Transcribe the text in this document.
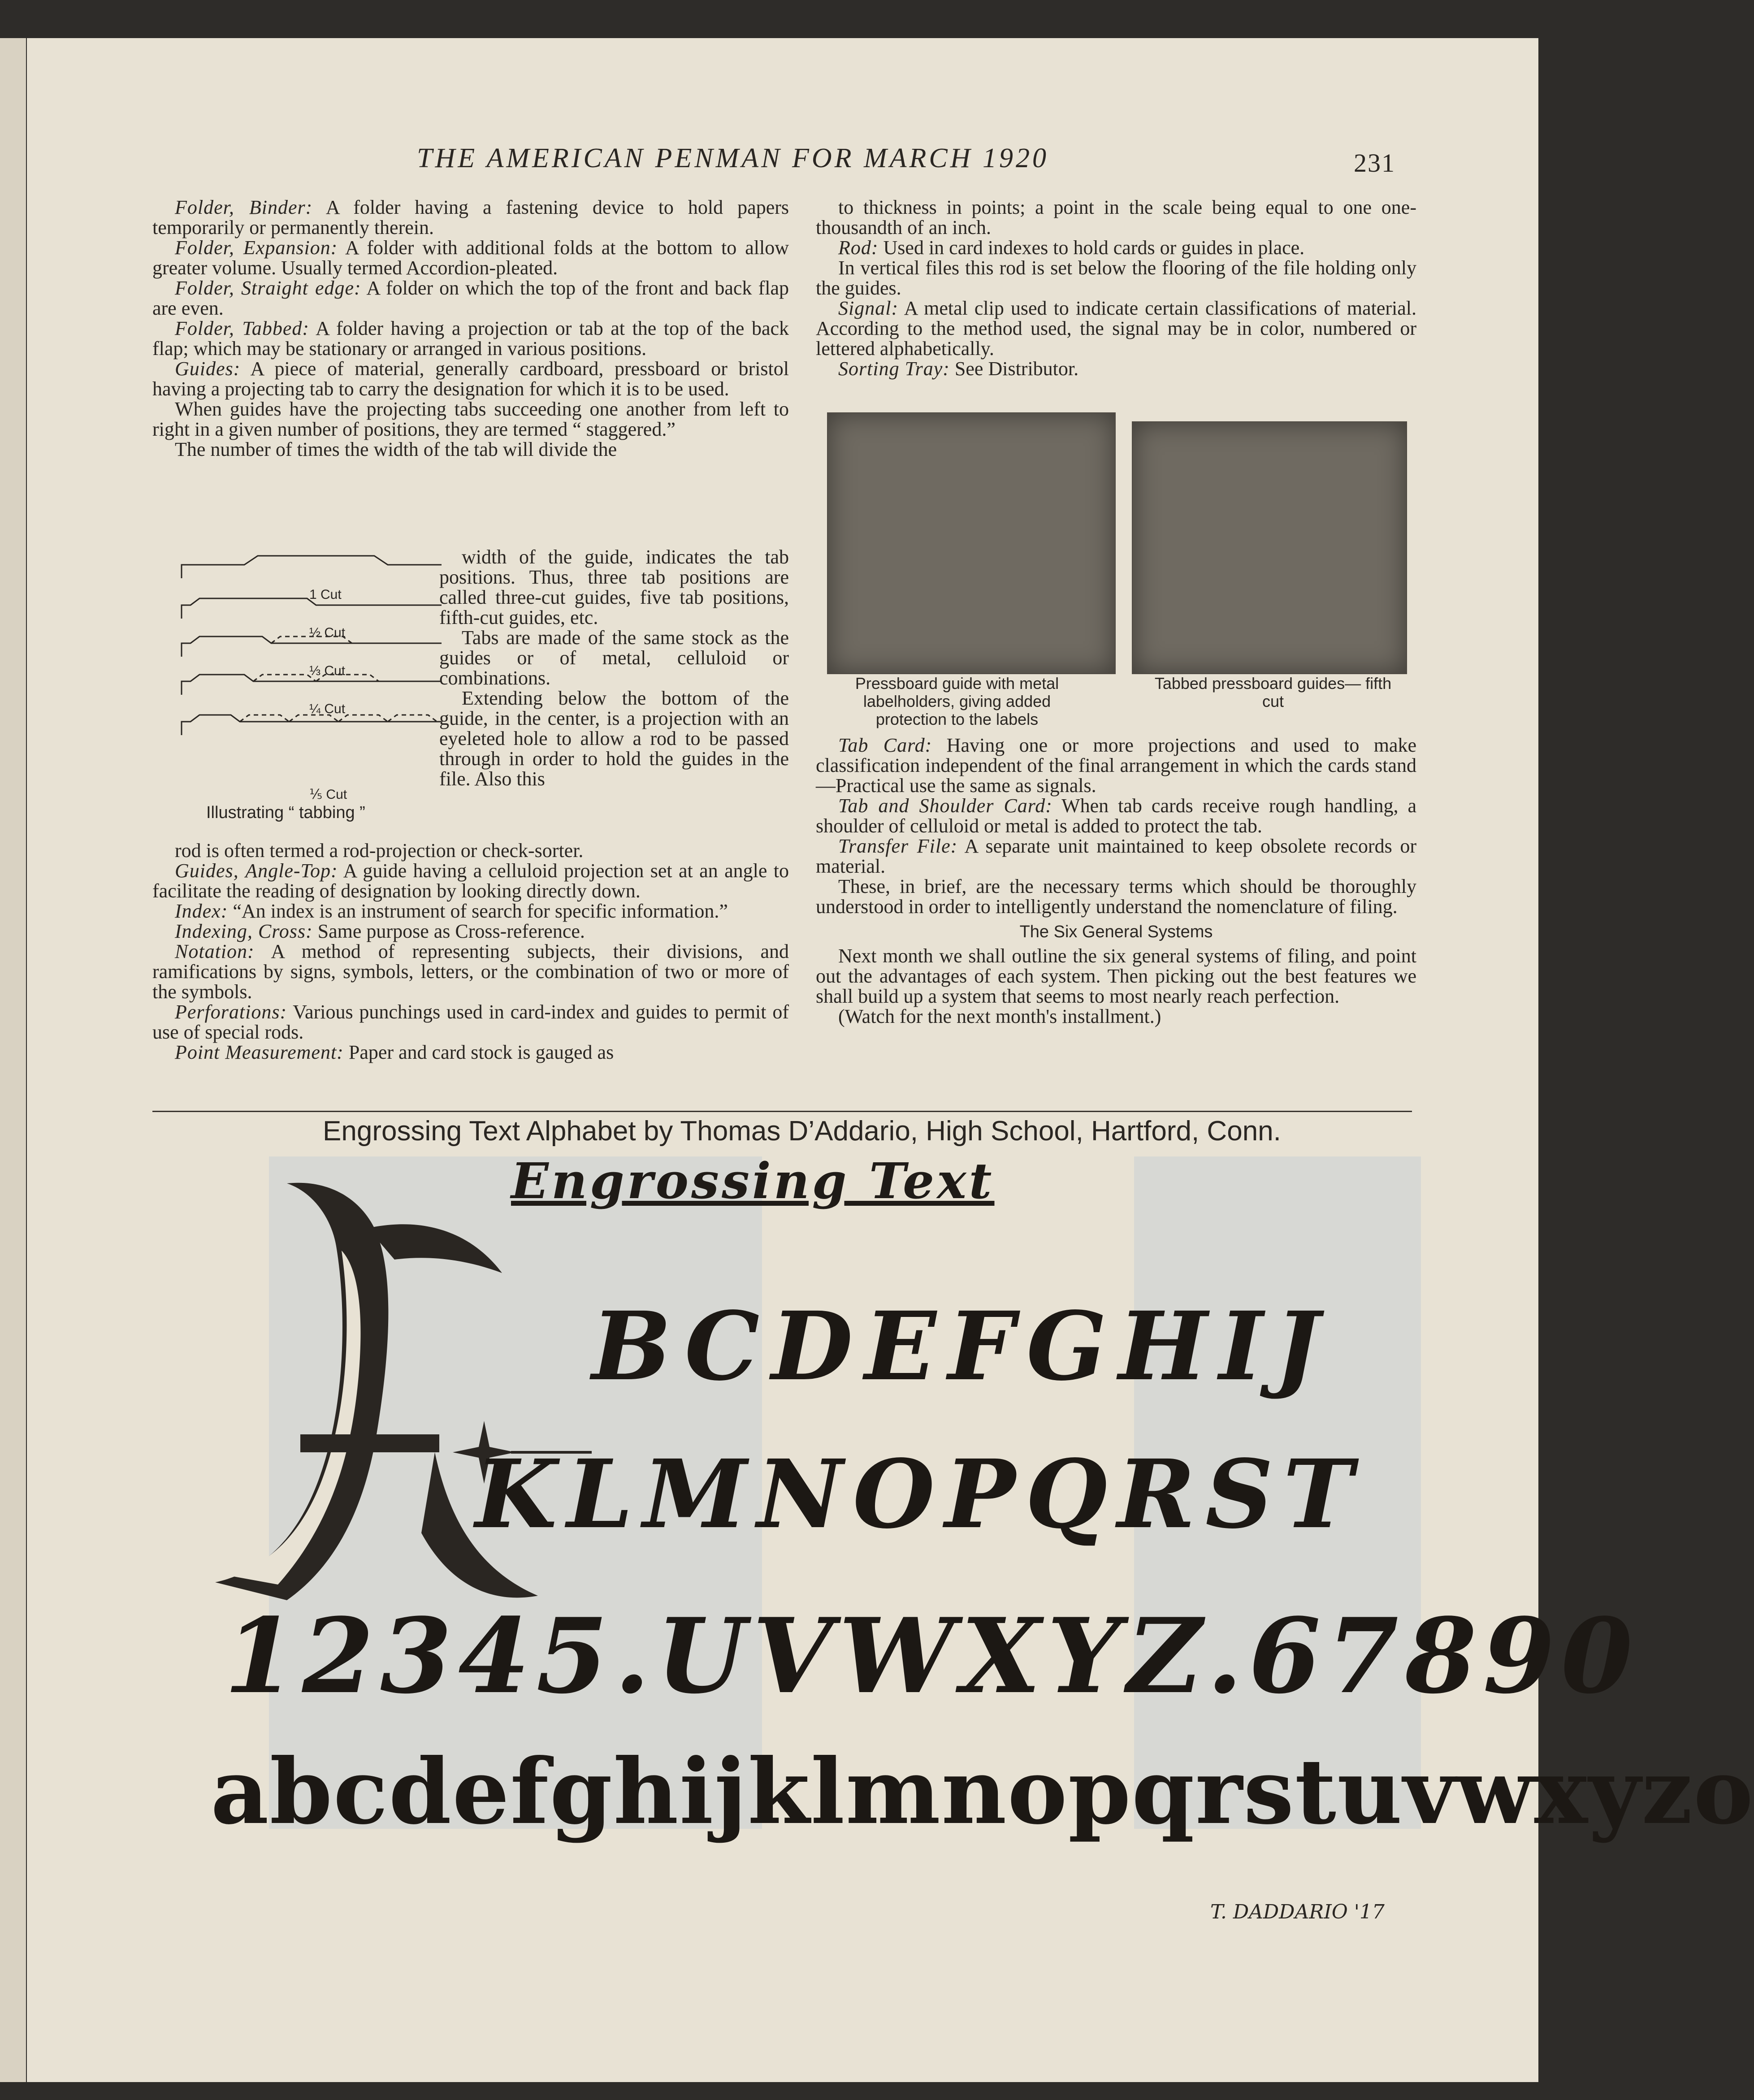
THE AMERICAN PENMAN FOR MARCH 1920	231

Folder, Binder: A folder having a fastening device to hold papers temporarily or permanently therein.

Folder, Expansion: A folder with additional folds at the bottom to allow greater volume. Usually termed Accordion-pleated.

Folder, Straight edge: A folder on which the top of the front and back flap are even.

Folder, Tabbed: A folder having a projection or tab at the top of the back flap; which may be stationary or arranged in various positions.

Guides: A piece of material, generally cardboard, pressboard or bristol having a projecting tab to carry the designation for which it is to be used.

When guides have the projecting tabs succeeding one another from left to right in a given number of positions, they are termed “ staggered.”

The number of times the width of the tab will divide the

1 Cut
½ Cut
⅓ Cut
¼ Cut
⅕ Cut
Illustrating “ tabbing ”

width of the guide, indicates the tab positions. Thus, three tab positions are called three-cut guides, five tab positions, fifth-cut guides, etc.

Tabs are made of the same stock as the guides or of metal, celluloid or combinations.

Extending below the bottom of the guide, in the center, is a projection with an eyeleted hole to allow a rod to be passed through in order to hold the guides in the file. Also this

rod is often termed a rod-projection or check-sorter.

Guides, Angle-Top: A guide having a celluloid projection set at an angle to facilitate the reading of designation by looking directly down.

Index: “An index is an instrument of search for specific information.”

Indexing, Cross: Same purpose as Cross-reference.

Notation: A method of representing subjects, their divisions, and ramifications by signs, symbols, letters, or the combination of two or more of the symbols.

Perforations: Various punchings used in card-index and guides to permit of use of special rods.

Point Measurement: Paper and card stock is gauged as

to thickness in points; a point in the scale being equal to one one-thousandth of an inch.

Rod: Used in card indexes to hold cards or guides in place.

In vertical files this rod is set below the flooring of the file holding only the guides.

Signal: A metal clip used to indicate certain classifications of material. According to the method used, the signal may be in color, numbered or lettered alphabetically.

Sorting Tray: See Distributor.

Pressboard guide with metal labelholders, giving added protection to the labels
Tabbed pressboard guides— fifth cut

Tab Card: Having one or more projections and used to make classification independent of the final arrangement in which the cards stand—Practical use the same as signals.

Tab and Shoulder Card: When tab cards receive rough handling, a shoulder of celluloid or metal is added to protect the tab.

Transfer File: A separate unit maintained to keep obsolete records or material.

These, in brief, are the necessary terms which should be thoroughly understood in order to intelligently understand the nomenclature of filing.

The Six General Systems

Next month we shall outline the six general systems of filing, and point out the advantages of each system. Then picking out the best features we shall build up a system that seems to most nearly reach perfection.

(Watch for the next month's installment.)

Engrossing Text Alphabet by Thomas D’Addario, High School, Hartford, Conn.
Engrossing Text
BCDEFGHIJ
KLMNOPQRST
12345.UVWXYZ.67890
abcdefghijklmnopqrstuvwxyzo
T. DADDARIO '17
